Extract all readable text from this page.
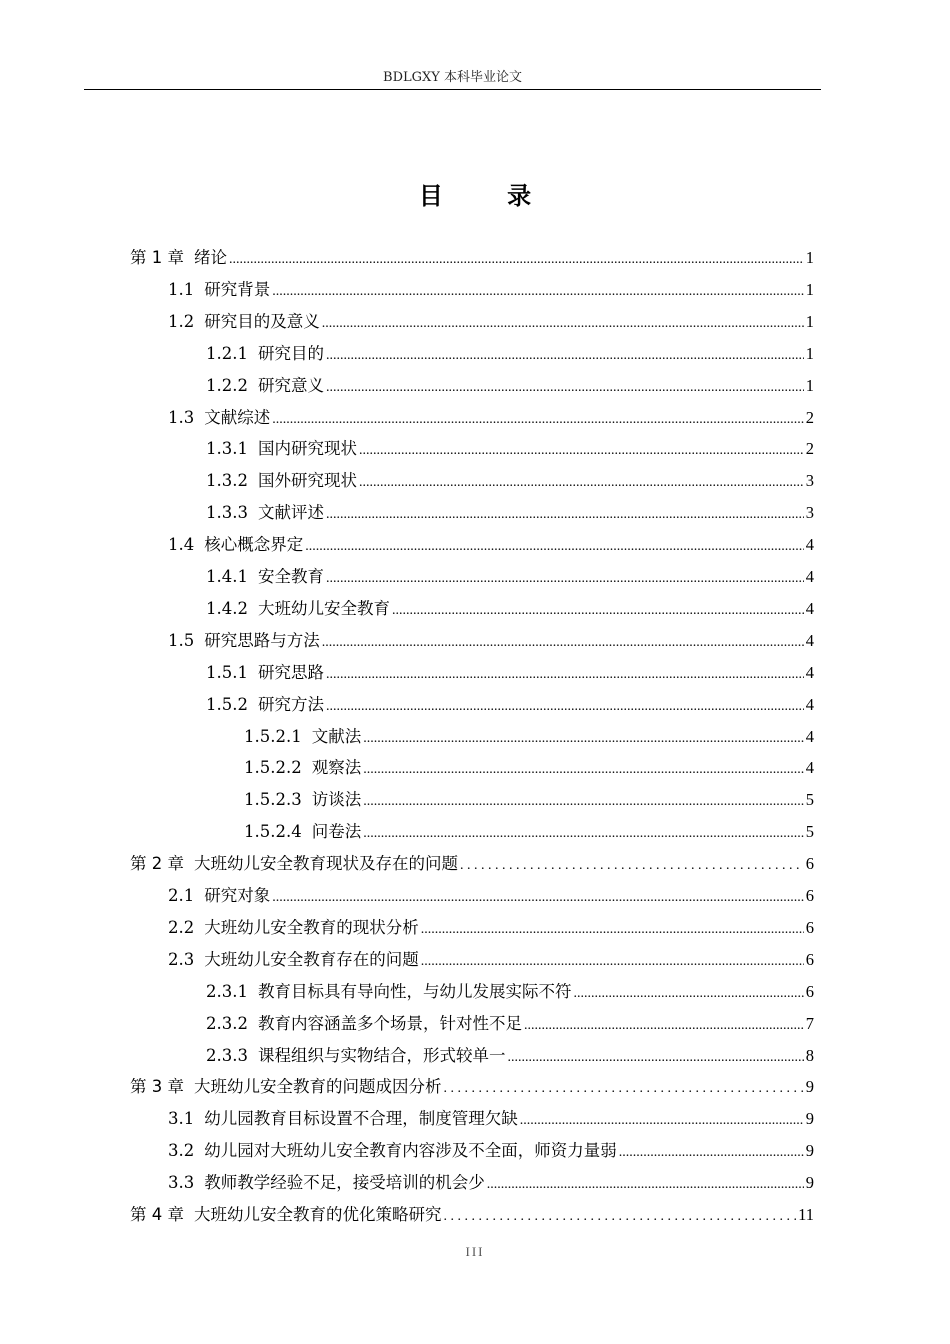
BDLGXY 本科毕业论文
目 录
第 1 章 绪论 .....	1
1.1 研究背景 .....	1
1.2 研究目的及意义 .....	1
1.2.1 研究目的 .....	1
1.2.2 研究意义 .....	1
1.3 文献综述 .....	2
1.3.1 国内研究现状 .....	2
1.3.2 国外研究现状 .....	3
1.3.3 文献评述 .....	3
1.4 核心概念界定 .....	4
1.4.1 安全教育 .....	4
1.4.2 大班幼儿安全教育 .....	4
1.5 研究思路与方法 .....	4
1.5.1 研究思路 .....	4
1.5.2 研究方法 .....	4
1.5.2.1 文献法 .....	4
1.5.2.2 观察法 .....	4
1.5.2.3 访谈法 .....	5
1.5.2.4 问卷法 .....	5
第 2 章 大班幼儿安全教育现状及存在的问题 . . .	6
2.1 研究对象 .....	6
2.2 大班幼儿安全教育的现状分析 .....	6
2.3 大班幼儿安全教育存在的问题 .....	6
2.3.1 教育目标具有导向性，与幼儿发展实际不符 .....	6
2.3.2 教育内容涵盖多个场景，针对性不足 .....	7
2.3.3 课程组织与实物结合，形式较单一 .....	8
第 3 章 大班幼儿安全教育的问题成因分析 . . .	9
3.1 幼儿园教育目标设置不合理，制度管理欠缺 .....	9
3.2 幼儿园对大班幼儿安全教育内容涉及不全面，师资力量弱 .....	9
3.3 教师教学经验不足，接受培训的机会少 .....	9
第 4 章 大班幼儿安全教育的优化策略研究 . . .	11
III
